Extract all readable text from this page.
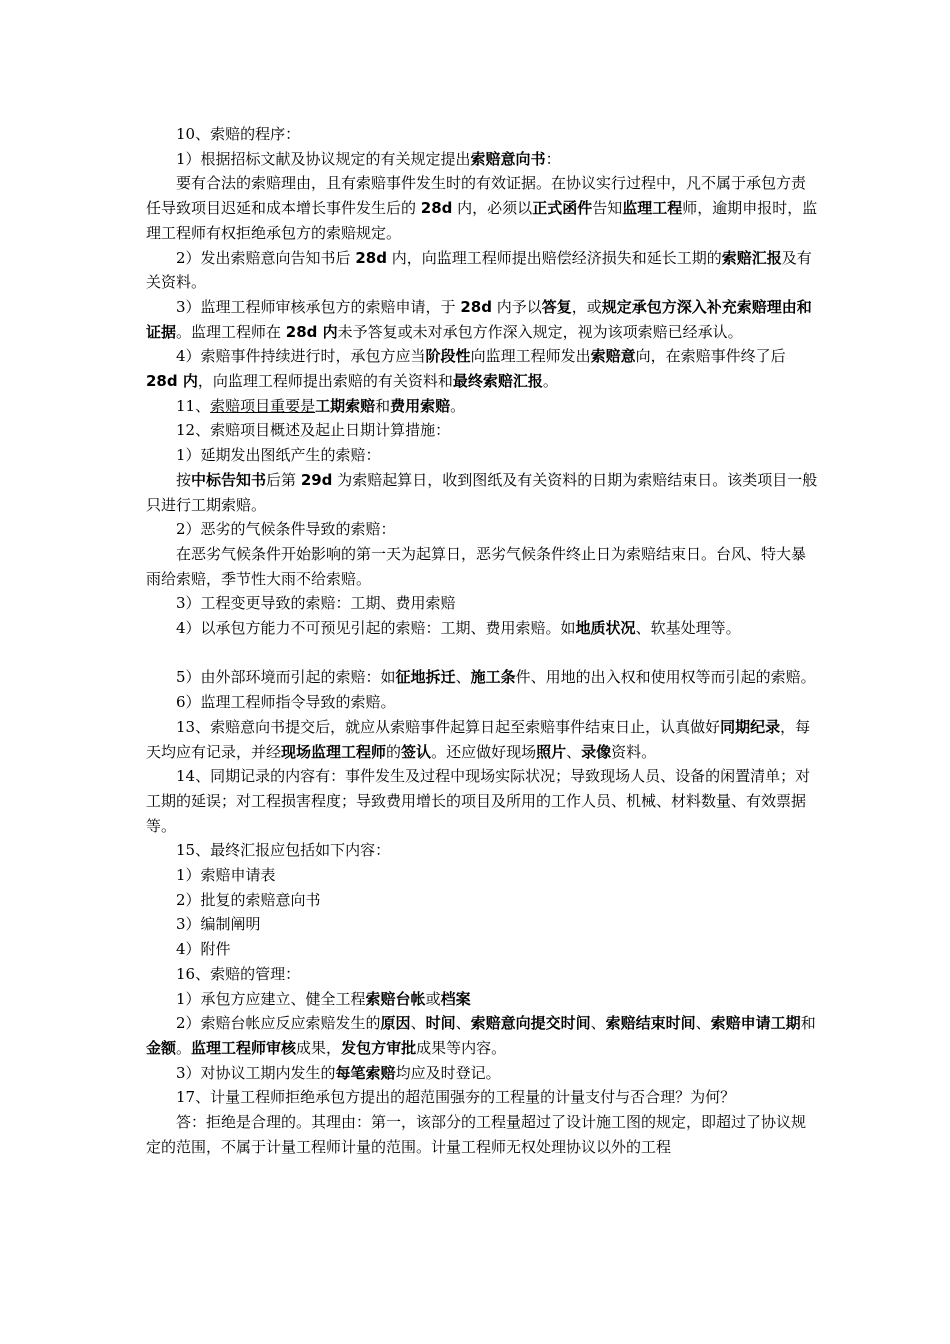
10、索赔的程序：

1）根据招标文献及协议规定的有关规定提出索赔意向书：

要有合法的索赔理由，且有索赔事件发生时的有效证据。在协议实行过程中，凡不属于承包方责任导致项目迟延和成本增长事件发生后的 28d 内，必须以正式函件告知监理工程师，逾期申报时，监理工程师有权拒绝承包方的索赔规定。

2）发出索赔意向告知书后 28d 内，向监理工程师提出赔偿经济损失和延长工期的索赔汇报及有关资料。

3）监理工程师审核承包方的索赔申请，于 28d 内予以答复，或规定承包方深入补充索赔理由和证据。监理工程师在 28d 内未予答复或未对承包方作深入规定，视为该项索赔已经承认。

4）索赔事件持续进行时，承包方应当阶段性向监理工程师发出索赔意向，在索赔事件终了后 28d 内，向监理工程师提出索赔的有关资料和最终索赔汇报。

11、索赔项目重要是工期索赔和费用索赔。

12、索赔项目概述及起止日期计算措施：

1）延期发出图纸产生的索赔：

按中标告知书后第 29d 为索赔起算日，收到图纸及有关资料的日期为索赔结束日。该类项目一般只进行工期索赔。

2）恶劣的气候条件导致的索赔：

在恶劣气候条件开始影响的第一天为起算日，恶劣气候条件终止日为索赔结束日。台风、特大暴雨给索赔，季节性大雨不给索赔。

3）工程变更导致的索赔：工期、费用索赔

4）以承包方能力不可预见引起的索赔：工期、费用索赔。如地质状况、软基处理等。

5）由外部环境而引起的索赔：如征地拆迁、施工条件、用地的出入权和使用权等而引起的索赔。

6）监理工程师指令导致的索赔。

13、索赔意向书提交后，就应从索赔事件起算日起至索赔事件结束日止，认真做好同期纪录，每天均应有记录，并经现场监理工程师的签认。还应做好现场照片、录像资料。

14、同期记录的内容有：事件发生及过程中现场实际状况；导致现场人员、设备的闲置清单；对工期的延误；对工程损害程度；导致费用增长的项目及所用的工作人员、机械、材料数量、有效票据等。

15、最终汇报应包括如下内容：

1）索赔申请表

2）批复的索赔意向书

3）编制阐明

4）附件

16、索赔的管理：

1）承包方应建立、健全工程索赔台帐或档案

2）索赔台帐应反应索赔发生的原因、时间、索赔意向提交时间、索赔结束时间、索赔申请工期和金额。监理工程师审核成果，发包方审批成果等内容。

3）对协议工期内发生的每笔索赔均应及时登记。

17、计量工程师拒绝承包方提出的超范围强夯的工程量的计量支付与否合理？为何？

答：拒绝是合理的。其理由：第一，该部分的工程量超过了设计施工图的规定，即超过了协议规定的范围，不属于计量工程师计量的范围。计量工程师无权处理协议以外的工程
